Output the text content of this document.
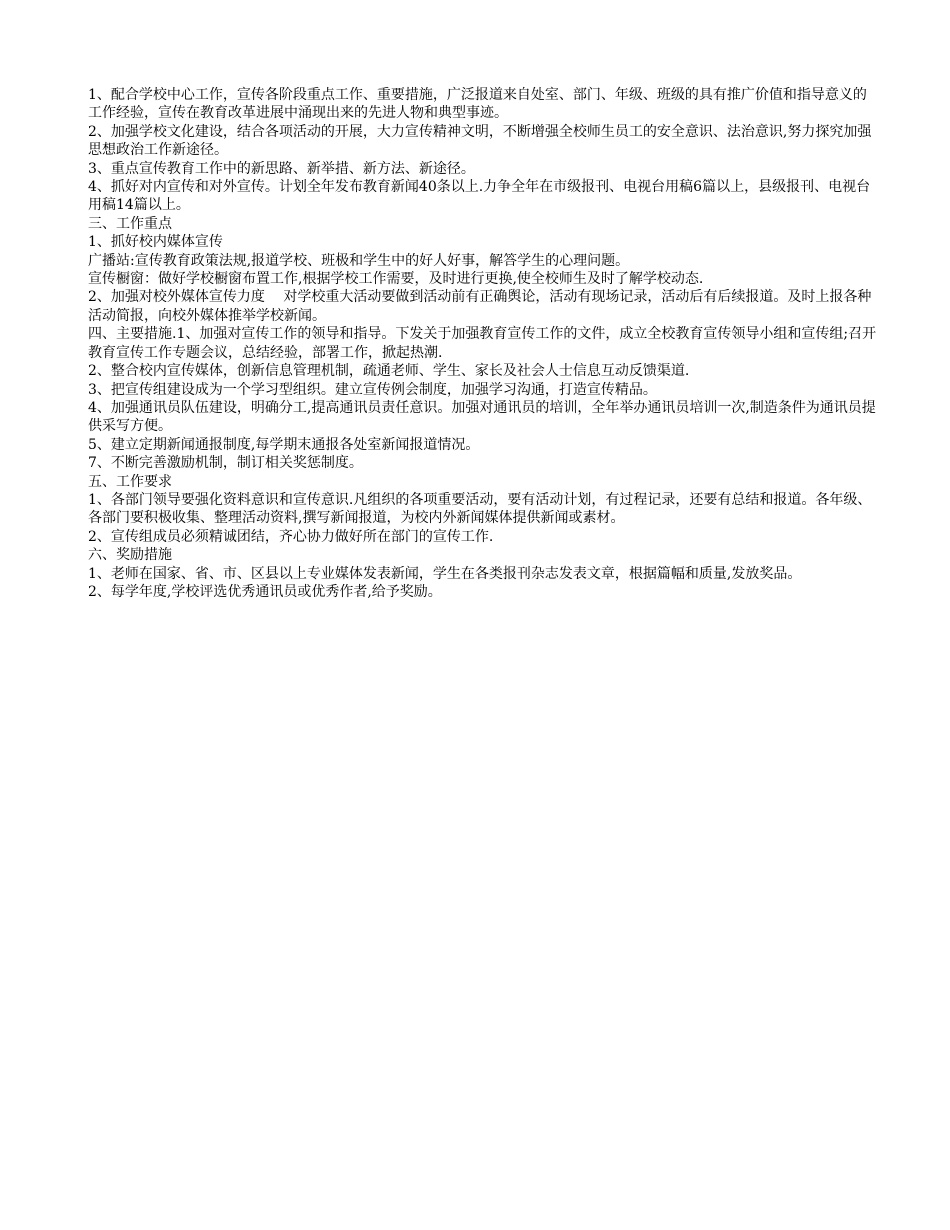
1、配合学校中心工作，宣传各阶段重点工作、重要措施，广泛报道来自处室、部门、年级、班级的具有推广价值和指导意义的工作经验，宣传在教育改革进展中涌现出来的先进人物和典型事迹。

2、加强学校文化建设，结合各项活动的开展，大力宣传精神文明，不断增强全校师生员工的安全意识、法治意识,努力探究加强思想政治工作新途径。

3、重点宣传教育工作中的新思路、新举措、新方法、新途径。

4、抓好对内宣传和对外宣传。计划全年发布教育新闻40条以上.力争全年在市级报刊、电视台用稿6篇以上，县级报刊、电视台用稿14篇以上。

三、工作重点

1、抓好校内媒体宣传

广播站:宣传教育政策法规,报道学校、班极和学生中的好人好事，解答学生的心理问题。

宣传橱窗：做好学校橱窗布置工作,根据学校工作需要，及时进行更换,使全校师生及时了解学校动态.

2、加强对校外媒体宣传力度　 对学校重大活动要做到活动前有正确舆论，活动有现场记录，活动后有后续报道。及时上报各种活动简报，向校外媒体推举学校新闻。

四、主要措施.1、加强对宣传工作的领导和指导。下发关于加强教育宣传工作的文件，成立全校教育宣传领导小组和宣传组;召开教育宣传工作专题会议，总结经验，部署工作，掀起热潮.

2、整合校内宣传媒体，创新信息管理机制，疏通老师、学生、家长及社会人士信息互动反馈渠道.

3、把宣传组建设成为一个学习型组织。建立宣传例会制度，加强学习沟通，打造宣传精品。

4、加强通讯员队伍建设，明确分工,提高通讯员责任意识。加强对通讯员的培训，全年举办通讯员培训一次,制造条件为通讯员提供采写方便。

5、建立定期新闻通报制度,每学期末通报各处室新闻报道情况。

7、不断完善激励机制，制订相关奖惩制度。

五、工作要求

1、各部门领导要强化资料意识和宣传意识.凡组织的各项重要活动，要有活动计划，有过程记录，还要有总结和报道。各年级、各部门要积极收集、整理活动资料,撰写新闻报道，为校内外新闻媒体提供新闻或素材。

2、宣传组成员必须精诚团结，齐心协力做好所在部门的宣传工作.

六、奖励措施

1、老师在国家、省、市、区县以上专业媒体发表新闻，学生在各类报刊杂志发表文章，根据篇幅和质量,发放奖品。

2、每学年度,学校评选优秀通讯员或优秀作者,给予奖励。
